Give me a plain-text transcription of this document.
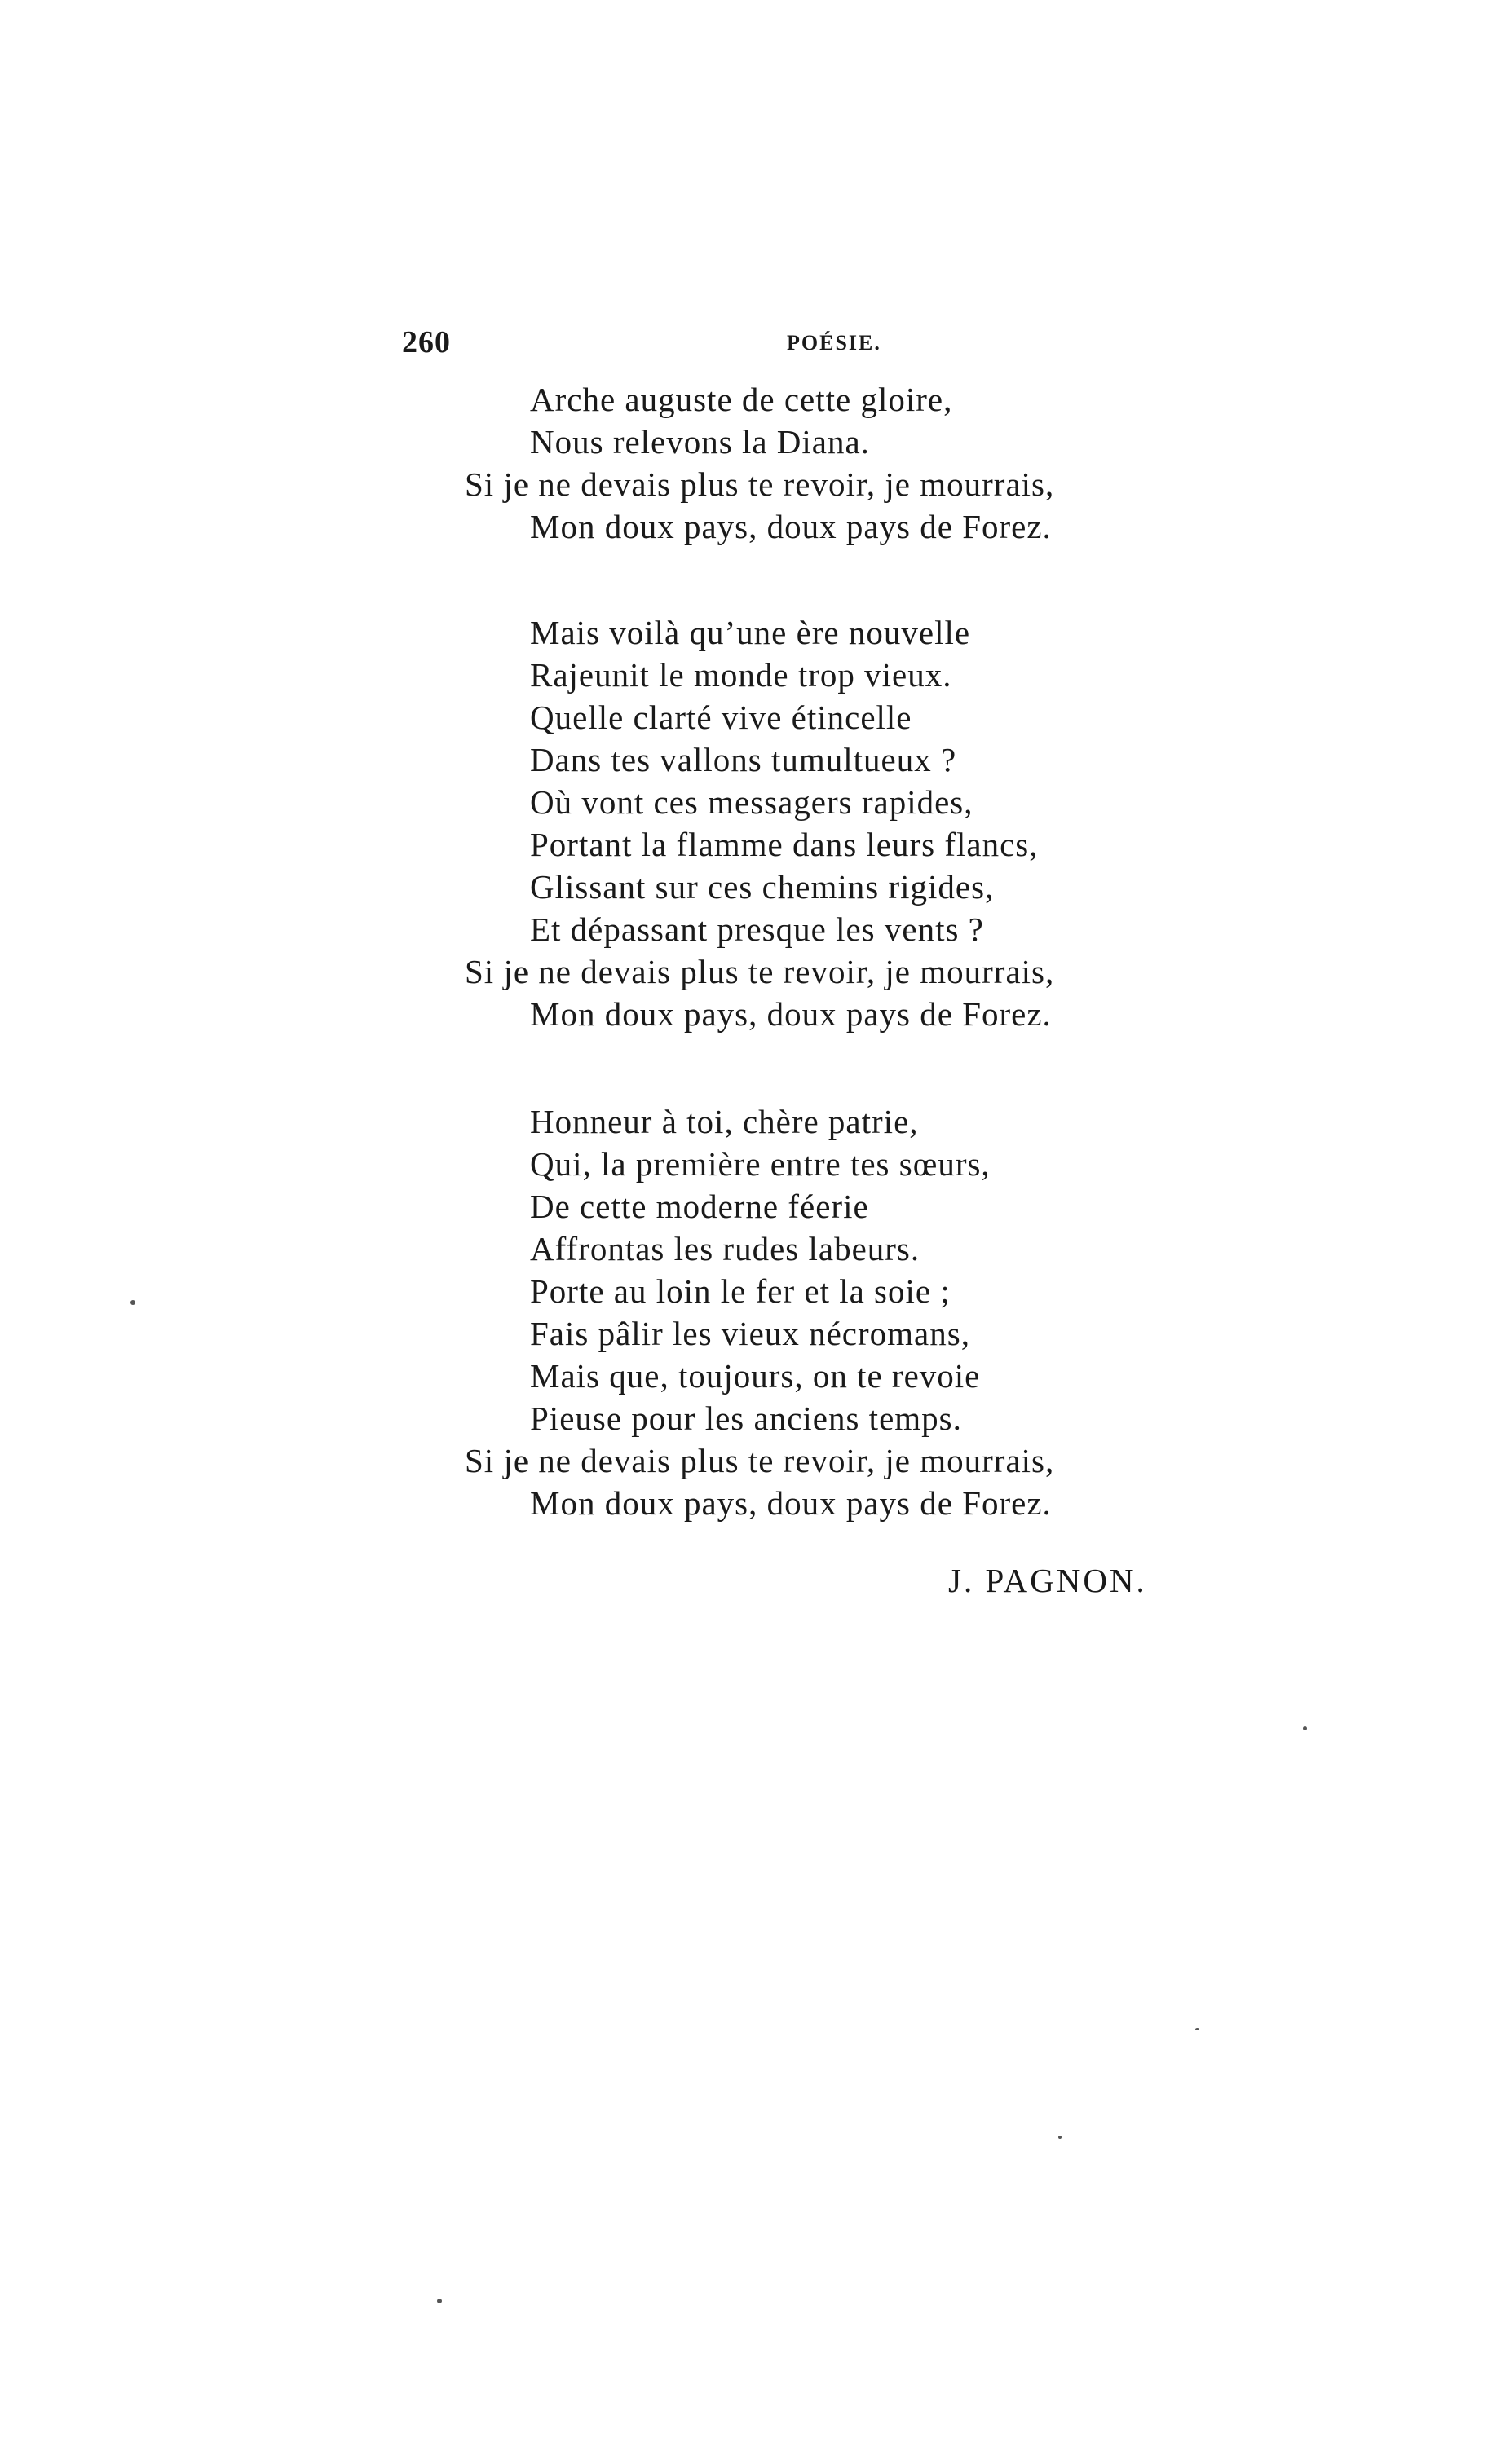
260	POÉSIE.
Arche auguste de cette gloire,
Nous relevons la Diana.
Si je ne devais plus te revoir, je mourrais,
Mon doux pays, doux pays de Forez.
Mais voilà qu’une ère nouvelle
Rajeunit le monde trop vieux.
Quelle clarté vive étincelle
Dans tes vallons tumultueux ?
Où vont ces messagers rapides,
Portant la flamme dans leurs flancs,
Glissant sur ces chemins rigides,
Et dépassant presque les vents ?
Si je ne devais plus te revoir, je mourrais,
Mon doux pays, doux pays de Forez.
Honneur à toi, chère patrie,
Qui, la première entre tes sœurs,
De cette moderne féerie
Affrontas les rudes labeurs.
Porte au loin le fer et la soie ;
Fais pâlir les vieux nécromans,
Mais que, toujours, on te revoie
Pieuse pour les anciens temps.
Si je ne devais plus te revoir, je mourrais,
Mon doux pays, doux pays de Forez.
J. PAGNON.
